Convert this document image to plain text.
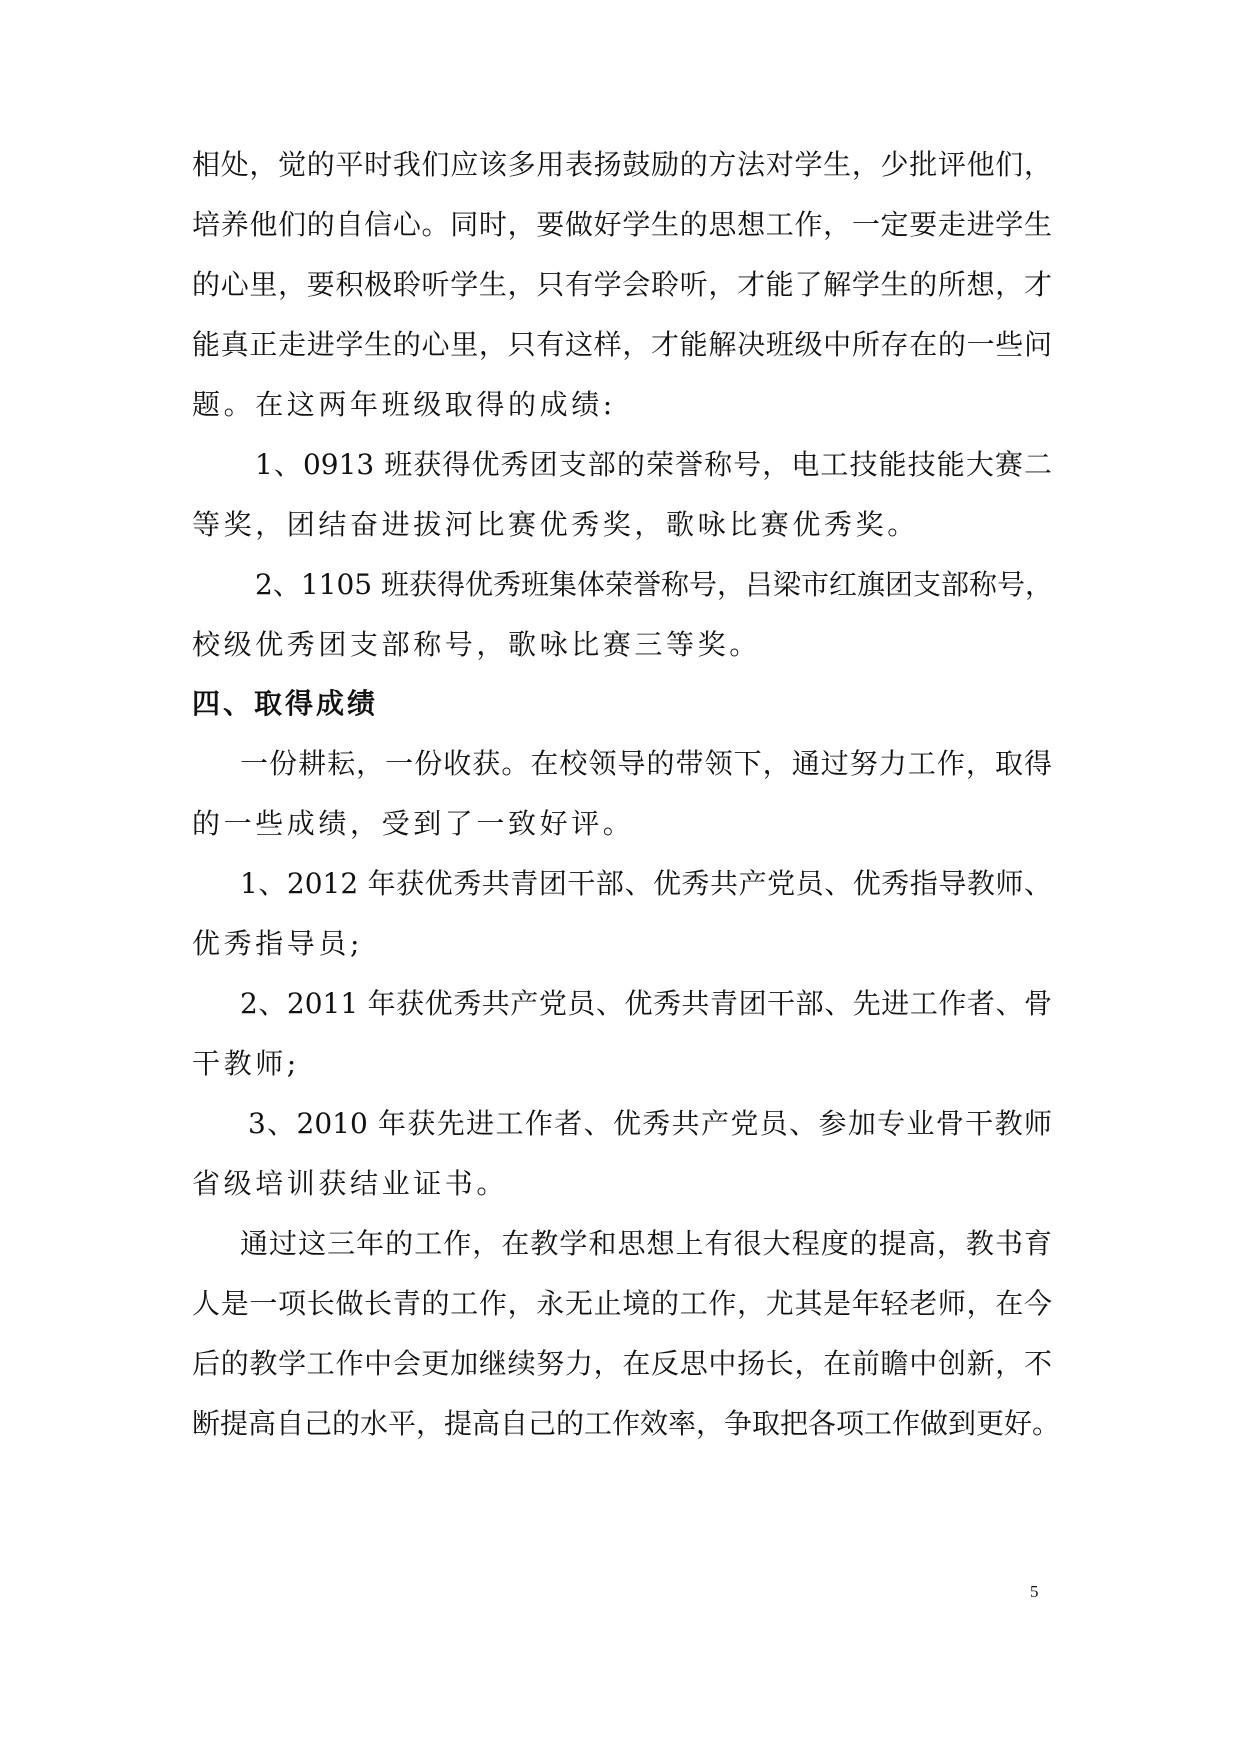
相处，觉的平时我们应该多用表扬鼓励的方法对学生，少批评他们，
培养他们的自信心。同时，要做好学生的思想工作，一定要走进学生
的心里，要积极聆听学生，只有学会聆听，才能了解学生的所想，才
能真正走进学生的心里，只有这样，才能解决班级中所存在的一些问
题。在这两年班级取得的成绩:
1、0913 班获得优秀团支部的荣誉称号，电工技能技能大赛二
等奖，团结奋进拔河比赛优秀奖，歌咏比赛优秀奖。
2、1105 班获得优秀班集体荣誉称号，吕梁市红旗团支部称号，
校级优秀团支部称号，歌咏比赛三等奖。
四、取得成绩
一份耕耘，一份收获。在校领导的带领下，通过努力工作，取得
的一些成绩，受到了一致好评。
1、2012 年获优秀共青团干部、优秀共产党员、优秀指导教师、
优秀指导员;
2、2011 年获优秀共产党员、优秀共青团干部、先进工作者、骨
干教师;
3、2010 年获先进工作者、优秀共产党员、参加专业骨干教师
省级培训获结业证书。
通过这三年的工作，在教学和思想上有很大程度的提高，教书育
人是一项长做长青的工作，永无止境的工作，尤其是年轻老师，在今
后的教学工作中会更加继续努力，在反思中扬长，在前瞻中创新，不
断提高自己的水平，提高自己的工作效率，争取把各项工作做到更好。
5
